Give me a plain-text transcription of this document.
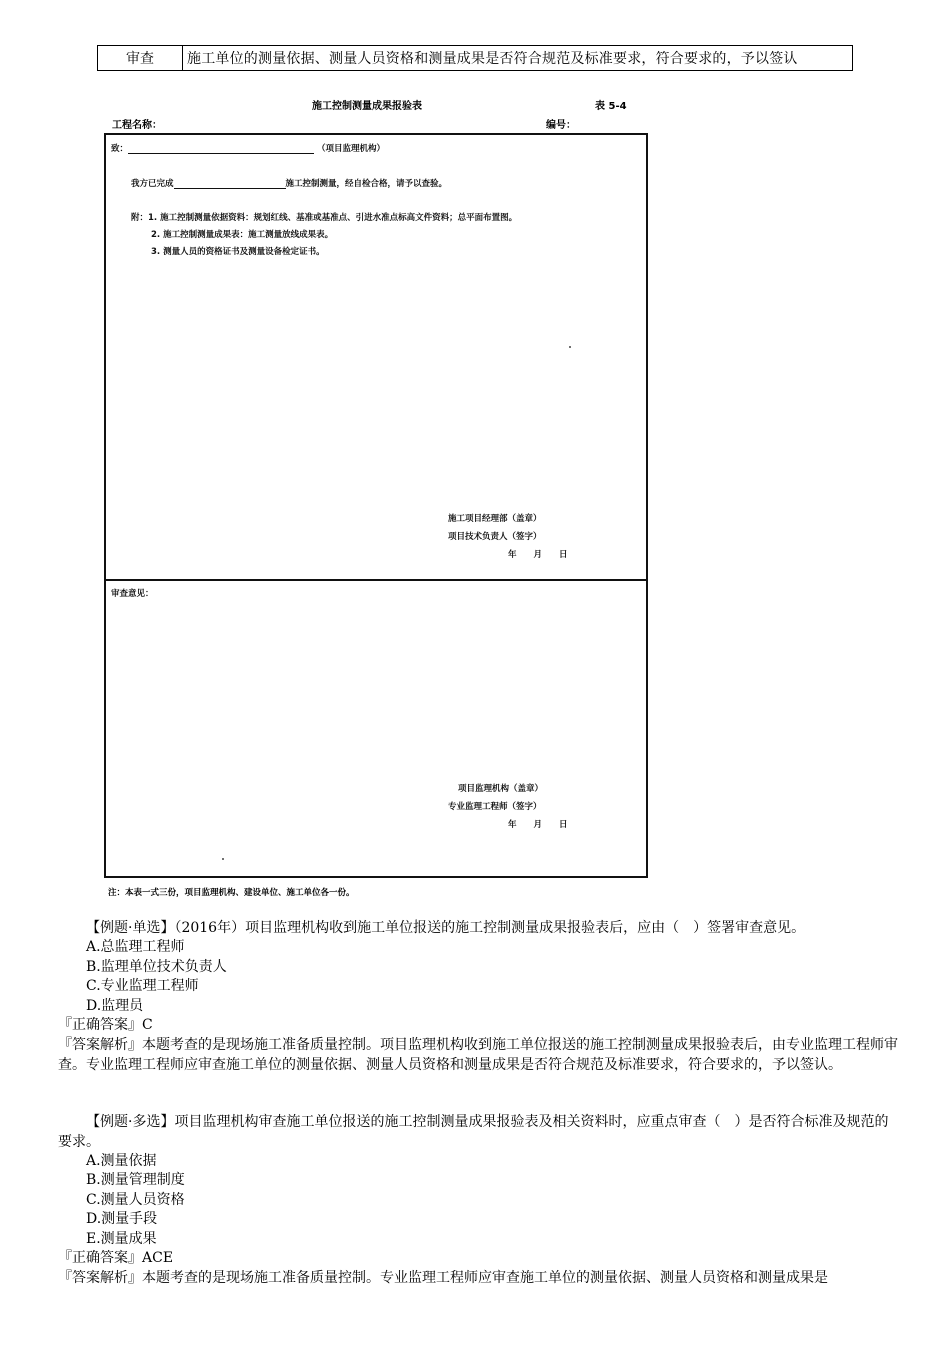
审查	施工单位的测量依据、测量人员资格和测量成果是否符合规范及标准要求，符合要求的，予以签认
施工控制测量成果报验表	表 5-4
工程名称：	编号：
致：	（项目监理机构）
我方已完成	施工控制测量，经自检合格，请予以查验。
附：1. 施工控制测量依据资料：规划红线、基准或基准点、引进水准点标高文件资料；总平面布置图。
2. 施工控制测量成果表：施工测量放线成果表。
3. 测量人员的资格证书及测量设备检定证书。
施工项目经理部（盖章）
项目技术负责人（签字）
年　　月　　日
审查意见：
项目监理机构（盖章）
专业监理工程师（签字）
年　　月　　日
注：本表一式三份，项目监理机构、建设单位、施工单位各一份。
【例题·单选】（2016年）项目监理机构收到施工单位报送的施工控制测量成果报验表后，应由（　）签署审查意见。
A.总监理工程师
B.监理单位技术负责人
C.专业监理工程师
D.监理员
『正确答案』C
『答案解析』本题考查的是现场施工准备质量控制。项目监理机构收到施工单位报送的施工控制测量成果报验表后，由专业监理工程师审查。专业监理工程师应审查施工单位的测量依据、测量人员资格和测量成果是否符合规范及标准要求，符合要求的，予以签认。
【例题·多选】项目监理机构审查施工单位报送的施工控制测量成果报验表及相关资料时，应重点审查（　）是否符合标准及规范的要求。
A.测量依据
B.测量管理制度
C.测量人员资格
D.测量手段
E.测量成果
『正确答案』ACE
『答案解析』本题考查的是现场施工准备质量控制。专业监理工程师应审查施工单位的测量依据、测量人员资格和测量成果是
